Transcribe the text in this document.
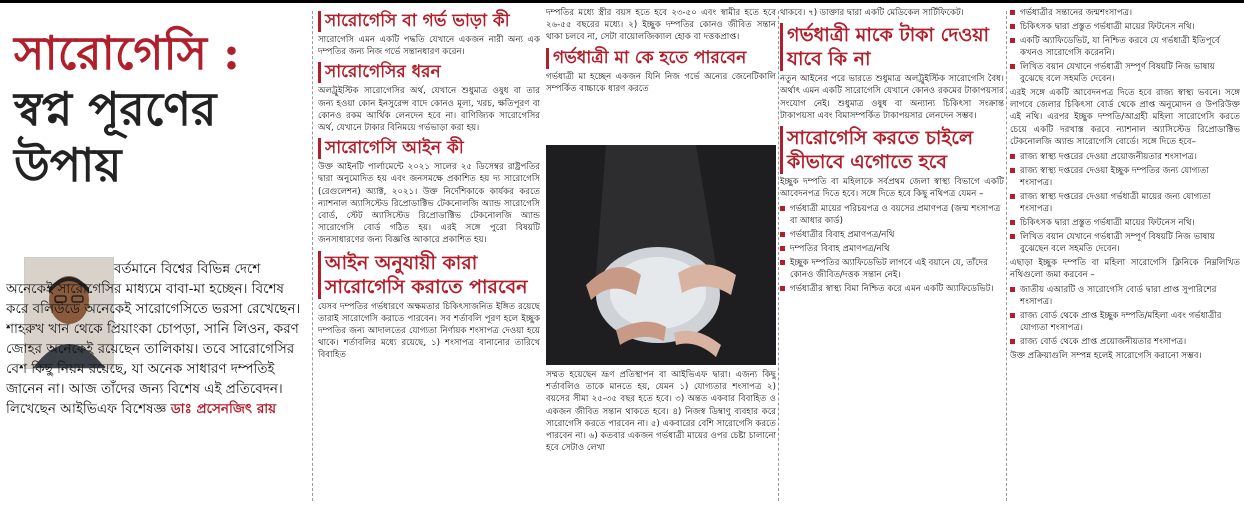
সারোগেসি :
স্বপ্ন পূরণের
উপায়

বর্তমানে বিশ্বের বিভিন্ন দেশে অনেকেই সারোগেসির মাধ্যমে বাবা-মা হচ্ছেন। বিশেষ করে বলিউডে অনেকেই সারোগেসিতে ভরসা রেখেছেন। শাহরুখ খান থেকে প্রিয়াংকা চোপড়া, সানি লিওন, করণ জোহর অনেকেই রয়েছেন তালিকায়। তবে সারোগেসির বেশ কিছু নিয়ম রয়েছে, যা অনেক সাধারণ দম্পতিই জানেন না। আজ তাঁদের জন্য বিশেষ এই প্রতিবেদন। লিখেছেন আইভিএফ বিশেষজ্ঞ ডাঃ প্রসেনজিৎ রায়

সারোগেসি বা গর্ভ ভাড়া কী

সারোগেসি এমন একটি পদ্ধতি যেখানে একজন নারী অন্য এক দম্পতির জন্য নিজ গর্ভে সন্তানধারণ করেন।

সারোগেসির ধরন

অলট্রুইস্টিক সারোগেসির অর্থ, যেখানে শুধুমাত্র ওষুধ বা তার জন্য হওয়া কোন ইনসুরেন্স বাদে কোনও মূল্য, খরচ, ক্ষতিপূরণ বা কোনও রকম আর্থিক লেনদেন হবে না। বাণিজ্যিক সারোগেসির অর্থ, যেখানে টাকার বিনিময়ে গর্ভভাড়া করা হয়।

সারোগেসি আইন কী

উক্ত আইনটি পার্লামেন্টে ২০২১ সালের ২৫ ডিসেম্বর রাষ্ট্রপতির দ্বারা অনুমোদিত হয় এবং জনসমক্ষে প্রকাশিত হয় দ্য সারোগেসি (রেগুলেশন) অ্যাক্ট, ২০২১। উক্ত নির্দেশিকাকে কার্যকর করতে ন্যাশনাল অ্যাসিস্টেড রিপ্রোডাক্টিভ টেকনোলজি অ্যান্ড সারোগেসি বোর্ড, স্টেট অ্যাসিস্টেড রিপ্রোডাক্টিভ টেকনোলজি অ্যান্ড সারোগেসি বোর্ড গঠিত হয়। এরই সঙ্গে পুরো বিষয়টি জনসাধারণের জন্য বিজ্ঞপ্তি আকারে প্রকাশিত হয়।

আইন অনুযায়ী কারা সারোগেসি করাতে পারবেন

যেসব দম্পতির গর্ভধারণে অক্ষমতার চিকিৎসাজনিত ইঙ্গিত রয়েছে তারাই সারোগেসি করাতে পারবেন। সব শর্তাবলি পূরণ হলে ইচ্ছুক দম্পতির জন্য আদালতের যোগ্যতা নির্ণায়ক শংসাপত্র দেওয়া হয়ে থাকে। শর্তাবলির মধ্যে রয়েছে, ১) শংসাপত্র বানানোর তারিখে বিবাহিত

দম্পতির মধ্যে স্ত্রীর বয়স হতে হবে ২৩-৫০ এবং স্বামীর হতে হবে ২৬-৫৫ বছরের মধ্যে। ২) ইচ্ছুক দম্পতির কোনও জীবিত সন্তান থাকা চলবে না, সেটা বায়োলজিক্যাল হোক বা দত্তকপ্রাপ্ত।

গর্ভধাত্রী মা কে হতে পারবেন

গর্ভধাত্রী মা হচ্ছেন একজন যিনি নিজ গর্ভে অন্যের জেনেটিকালি সম্পর্কিত বাচ্চাকে ধারণ করতে

সম্মত হয়েছেন ভ্রূণ প্রতিস্থাপন বা আইভিএফ দ্বারা। এজন্য কিছু শর্তাবলিও তাকে মানতে হয়, যেমন ১) যোগ্যতার শংসাপত্র ২) বয়সের সীমা ২৫-৩৫ বছর হতে হবে। ৩) অন্তত একবার বিবাহিত ও একজন জীবিত সন্তান থাকতে হবে। ৪) নিজস্ব ডিম্বাণু ব্যবহার করে সারোগেসি করতে পারবেন না। ৫) একবারের বেশি সারোগেসি করতে পারবেন না। ৬) কতবার একজন গর্ভধাত্রী মায়ের ওপর চেষ্টা চালানো হবে সেটাও লেখা

থাকবে। ৭) ডাক্তার দ্বারা একটি মেডিকেল সার্টিফিকেট।

গর্ভধাত্রী মাকে টাকা দেওয়া যাবে কি না

নতুন আইনের পরে ভারতে শুধুমাত্র অলট্রুইস্টিক সারোগেসি বৈধ। অর্থাৎ এমন একটি সারোগেসি যেখানে কোনও রকমের টাকাপয়সার সংযোগ নেই। শুধুমাত্র ওষুধ বা অন্যান্য চিকিৎসা সংক্রান্ত টাকাপয়সা এবং বিমাসম্পর্কিত টাকাপয়সার লেনদেন সম্ভব।

সারোগেসি করতে চাইলে কীভাবে এগোতে হবে

ইচ্ছুক দম্পতি বা মহিলাকে সর্বপ্রথম জেলা স্বাস্থ্য বিভাগে একটি আবেদনপত্র দিতে হবে। সঙ্গে দিতে হবে কিছু নথিপত্র যেমন –

গর্ভধাত্রী মায়ের পরিচয়পত্র ও বয়সের প্রমাণপত্র (জন্ম শংসাপত্র বা আধার কার্ড)
গর্ভধাত্রীর বিবাহ প্রমাণপত্র/নথি
দম্পতির বিবাহ প্রমাণপত্র/নথি
ইচ্ছুক দম্পতির অ্যাফিডেভিট লাগবে এই বয়ানে যে, তাঁদের কোনও জীবিত/দত্তক সন্তান নেই।
গর্ভধাত্রীর স্বাস্থ্য বিমা নিশ্চিত করে এমন একটি অ্যাফিডেভিট।
গর্ভধাত্রীর সন্তানের জন্মশংসাপত্র।
চিকিৎসক দ্বারা প্রস্তুত গর্ভধাত্রী মায়ের ফিটনেস নথি।
একটি অ্যাফিডেভিট, যা নিশ্চিত করবে যে গর্ভধাত্রী ইতিপূর্বে কখনও সারোগেসি করেননি।
লিখিত বয়ান যেখানে গর্ভধাত্রী সম্পূর্ণ বিষয়টি নিজ ভাষায় বুঝেছে বলে সহমতি দেবেন।

এরই সঙ্গে একটি আবেদনপত্র দিতে হবে রাজ্য স্বাস্থ্য ভবনে। সঙ্গে লাগবে জেলার চিকিৎসা বোর্ড থেকে প্রাপ্ত অনুমোদন ও উপরিউক্ত এই নথি। এরপর ইচ্ছুক দম্পতি/আগ্রহী মহিলা সারোগেসি করতে চেয়ে একটি দরখাস্ত করবে ন্যাশনাল অ্যাসিস্টেড রিপ্রোডাক্টিভ টেকনোলজি অ্যান্ড সারোগেসি বোর্ডে। সঙ্গে দিতে হবে–

রাজ্য স্বাস্থ্য দপ্তরের দেওয়া প্রয়োজনীয়তার শংসাপত্র।
রাজ্য স্বাস্থ্য দপ্তরের দেওয়া ইচ্ছুক দম্পতির জন্য যোগ্যতা শংসাপত্র।
রাজ্য স্বাস্থ্য দপ্তরের দেওয়া গর্ভধাত্রী মায়ের জন্য যোগ্যতা শংসাপত্র।
চিকিৎসক দ্বারা প্রস্তুত গর্ভধাত্রী মায়ের ফিটনেস নথি।
লিখিত বয়ান যেখানে গর্ভধাত্রী সম্পূর্ণ বিষয়টি নিজ ভাষায় বুঝেছেন বলে সহমতি দেবেন।

এছাড়া ইচ্ছুক দম্পতি বা মহিলা সারোগেসি ক্লিনিকে নিম্নলিখিত নথিগুলো জমা করবেন –

জাতীয় এআরটি ও সারোগেসি বোর্ড দ্বারা প্রাপ্ত সুপারিশের শংসাপত্র।
রাজ্য বোর্ড থেকে প্রাপ্ত ইচ্ছুক দম্পতি/মহিলা এবং গর্ভধাত্রীর যোগ্যতা শংসাপত্র।
রাজ্য বোর্ড থেকে প্রাপ্ত প্রয়োজনীয়তার শংসাপত্র।

উক্ত প্রক্রিয়াগুলি সম্পন্ন হলেই সারোগেসি করানো সম্ভব।
